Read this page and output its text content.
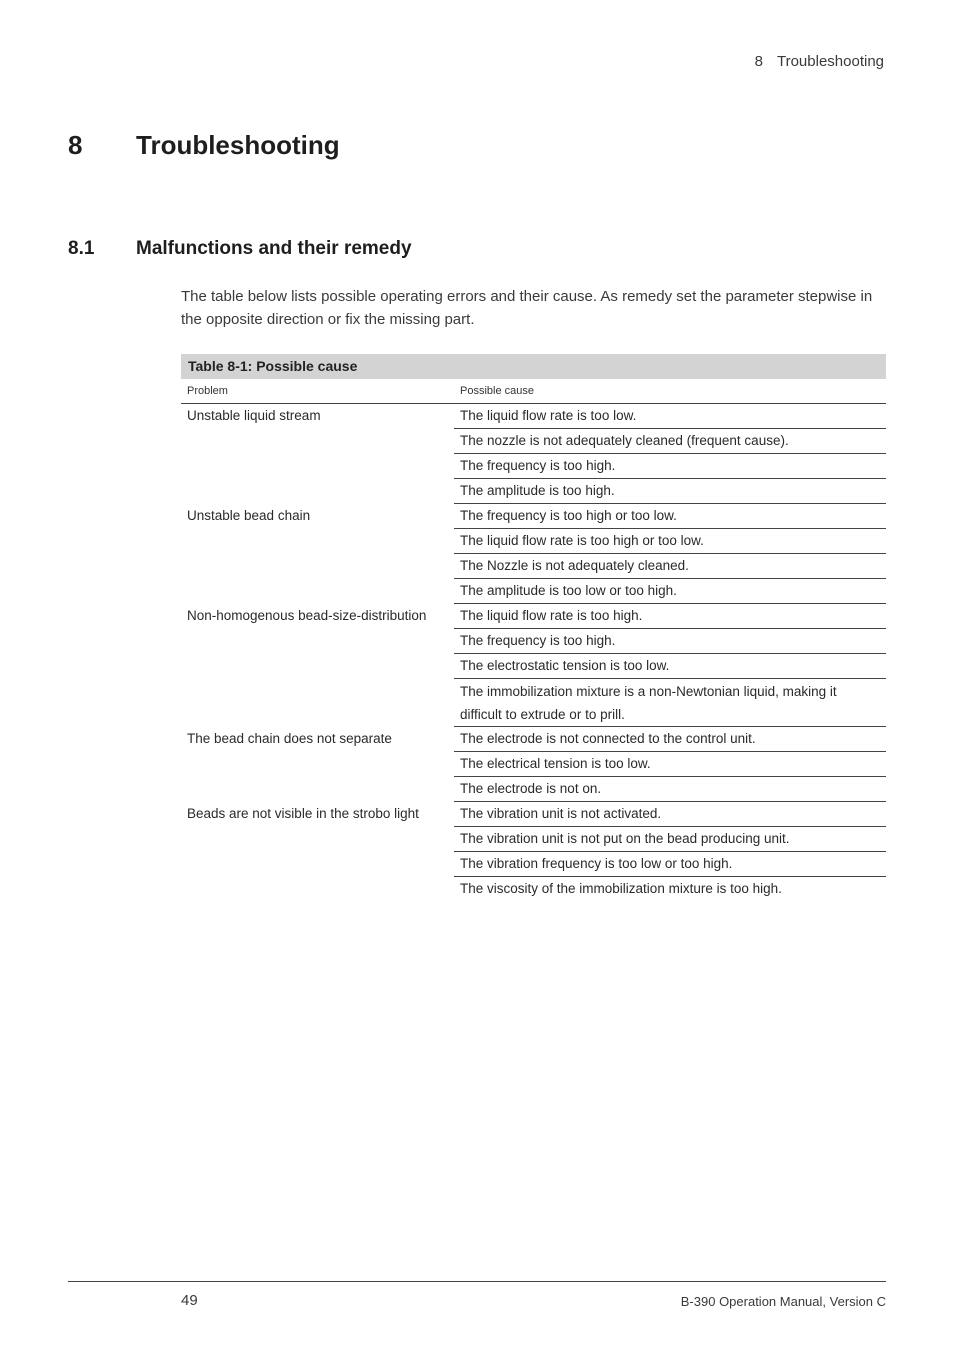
8 Troubleshooting
8 Troubleshooting
8.1 Malfunctions and their remedy

The table below lists possible operating errors and their cause. As remedy set the parameter stepwise in the opposite direction or fix the missing part.

Table 8-1: Possible cause
Problem	Possible cause
Unstable liquid stream	The liquid flow rate is too low.
	The nozzle is not adequately cleaned (frequent cause).
	The frequency is too high.
	The amplitude is too high.
Unstable bead chain	The frequency is too high or too low.
	The liquid flow rate is too high or too low.
	The Nozzle is not adequately cleaned.
	The amplitude is too low or too high.
Non-homogenous bead-size-distribution	The liquid flow rate is too high.
	The frequency is too high.
	The electrostatic tension is too low.
	The immobilization mixture is a non-Newtonian liquid, making it difficult to extrude or to prill.
The bead chain does not separate	The electrode is not connected to the control unit.
	The electrical tension is too low.
	The electrode is not on.
Beads are not visible in the strobo light	The vibration unit is not activated.
	The vibration unit is not put on the bead producing unit.
	The vibration frequency is too low or too high.
	The viscosity of the immobilization mixture is too high.
49	B-390 Operation Manual, Version C
